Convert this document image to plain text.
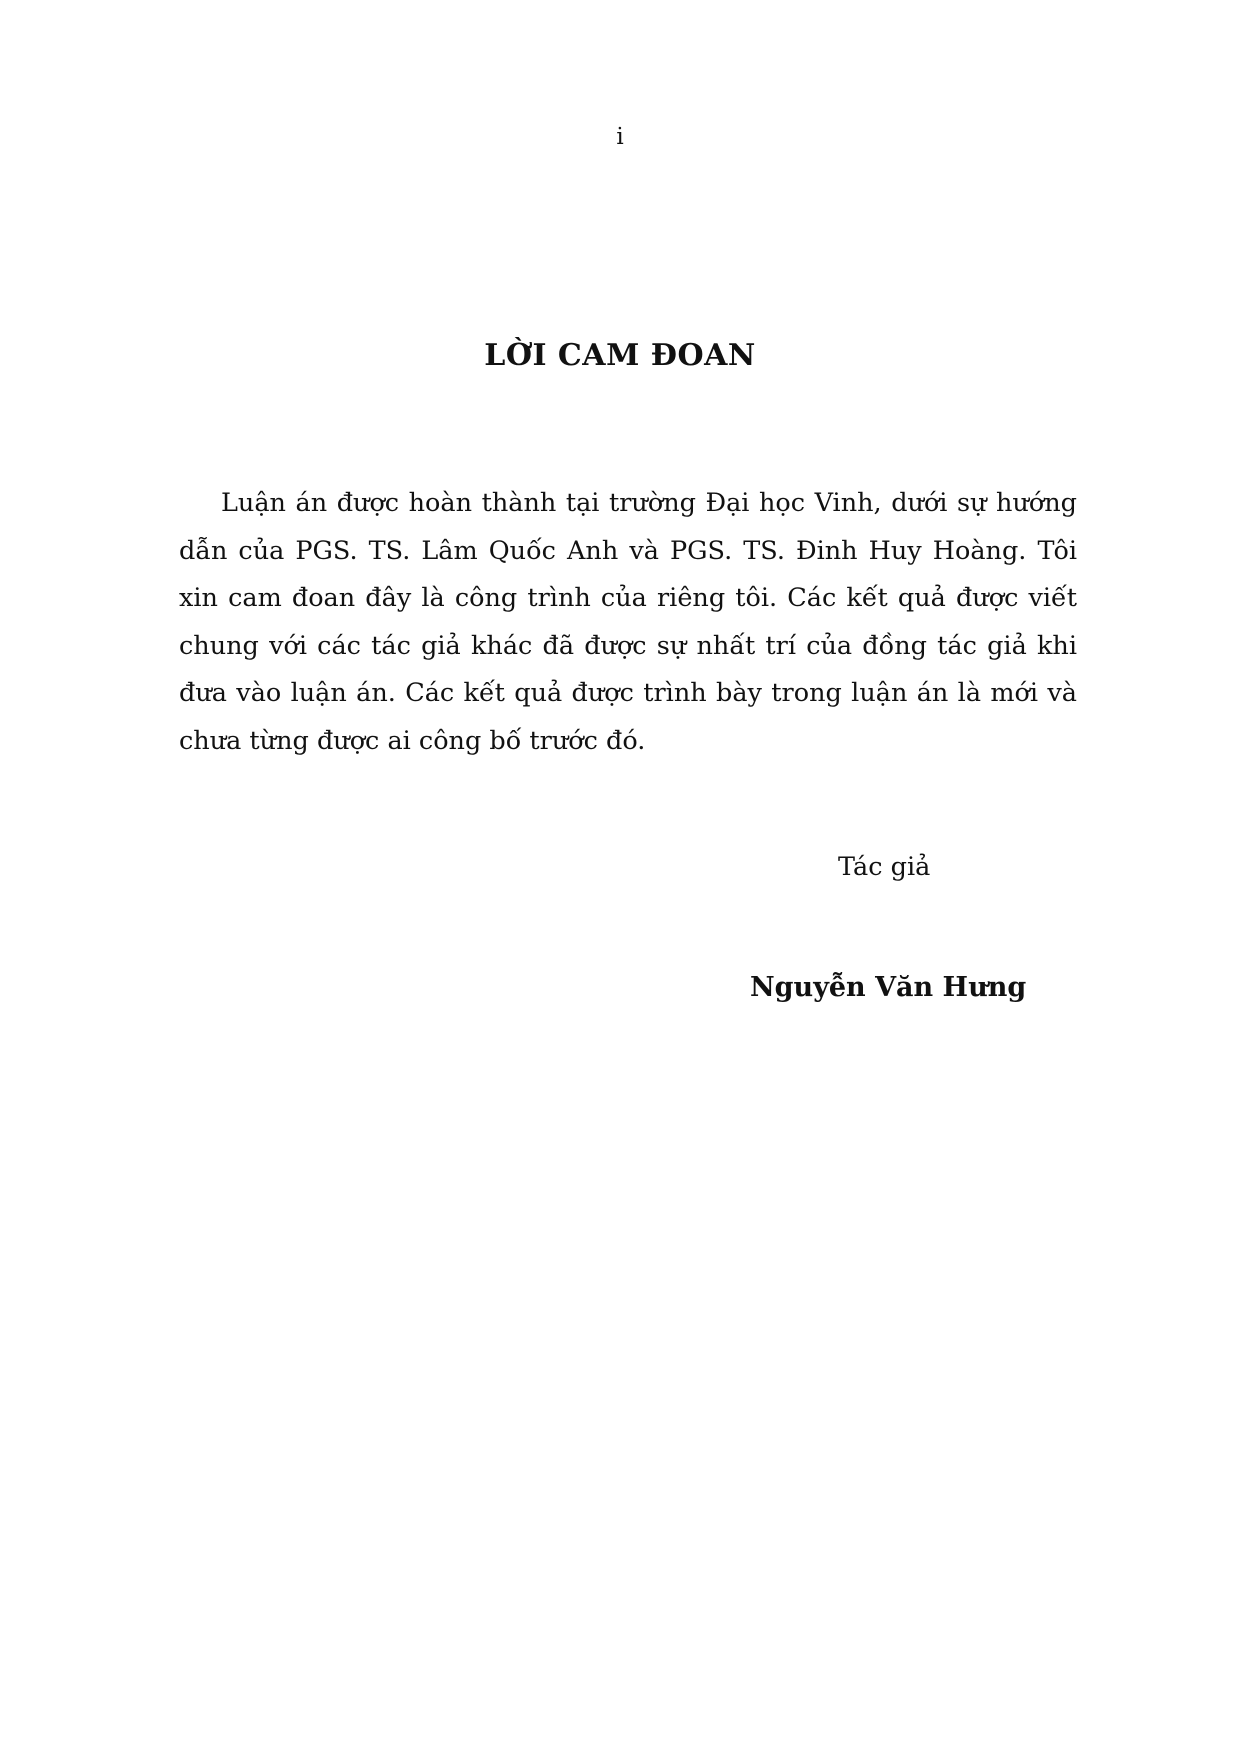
i
LỜI CAM ĐOAN

Luận án được hoàn thành tại trường Đại học Vinh, dưới sự hướng dẫn của PGS. TS. Lâm Quốc Anh và PGS. TS. Đinh Huy Hoàng. Tôi xin cam đoan đây là công trình của riêng tôi. Các kết quả được viết chung với các tác giả khác đã được sự nhất trí của đồng tác giả khi đưa vào luận án. Các kết quả được trình bày trong luận án là mới và chưa từng được ai công bố trước đó.

Tác giả
Nguyễn Văn Hưng
